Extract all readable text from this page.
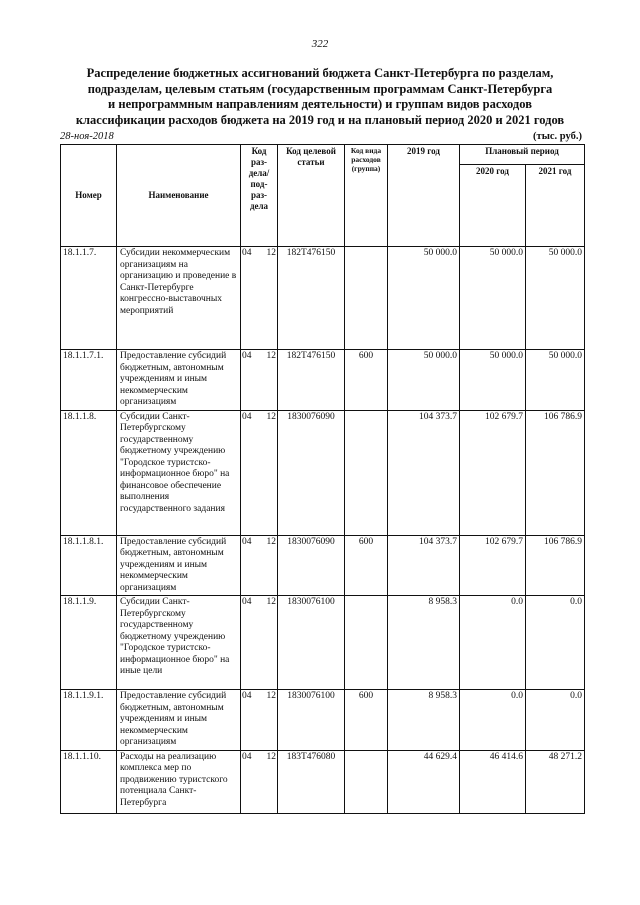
322
Распределение бюджетных ассигнований бюджета Санкт-Петербурга по разделам,
подразделам, целевым статьям (государственным программам Санкт-Петербурга
и непрограммным направлениям деятельности) и группам видов расходов
классификации расходов бюджета на 2019 год и на плановый период 2020 и 2021 годов
28-ноя-2018	(тыс. руб.)
Номер	Наименование	Код раз-дела/ под-раз-дела		Код целевой статьи	Код вида расходов (группа)	2019 год	Плановый период	
							2020 год	2021 год
18.1.1.7.	Субсидии некоммерческим организациям на организацию и проведение в Санкт-Петербурге конгрессно-выставочных мероприятий	04	12	182Т476150		50 000.0	50 000.0	50 000.0
18.1.1.7.1.	Предоставление субсидий бюджетным, автономным учреждениям и иным некоммерческим организациям	04	12	182Т476150	600	50 000.0	50 000.0	50 000.0
18.1.1.8.	Субсидии Санкт-Петербургскому государственному бюджетному учреждению "Городское туристско-информационное бюро" на финансовое обеспечение выполнения государственного задания	04	12	1830076090		104 373.7	102 679.7	106 786.9
18.1.1.8.1.	Предоставление субсидий бюджетным, автономным учреждениям и иным некоммерческим организациям	04	12	1830076090	600	104 373.7	102 679.7	106 786.9
18.1.1.9.	Субсидии Санкт-Петербургскому государственному бюджетному учреждению "Городское туристско-информационное бюро" на иные цели	04	12	1830076100		8 958.3	0.0	0.0
18.1.1.9.1.	Предоставление субсидий бюджетным, автономным учреждениям и иным некоммерческим организациям	04	12	1830076100	600	8 958.3	0.0	0.0
18.1.1.10.	Расходы на реализацию комплекса мер по продвижению туристского потенциала Санкт-Петербурга	04	12	183Т476080		44 629.4	46 414.6	48 271.2
